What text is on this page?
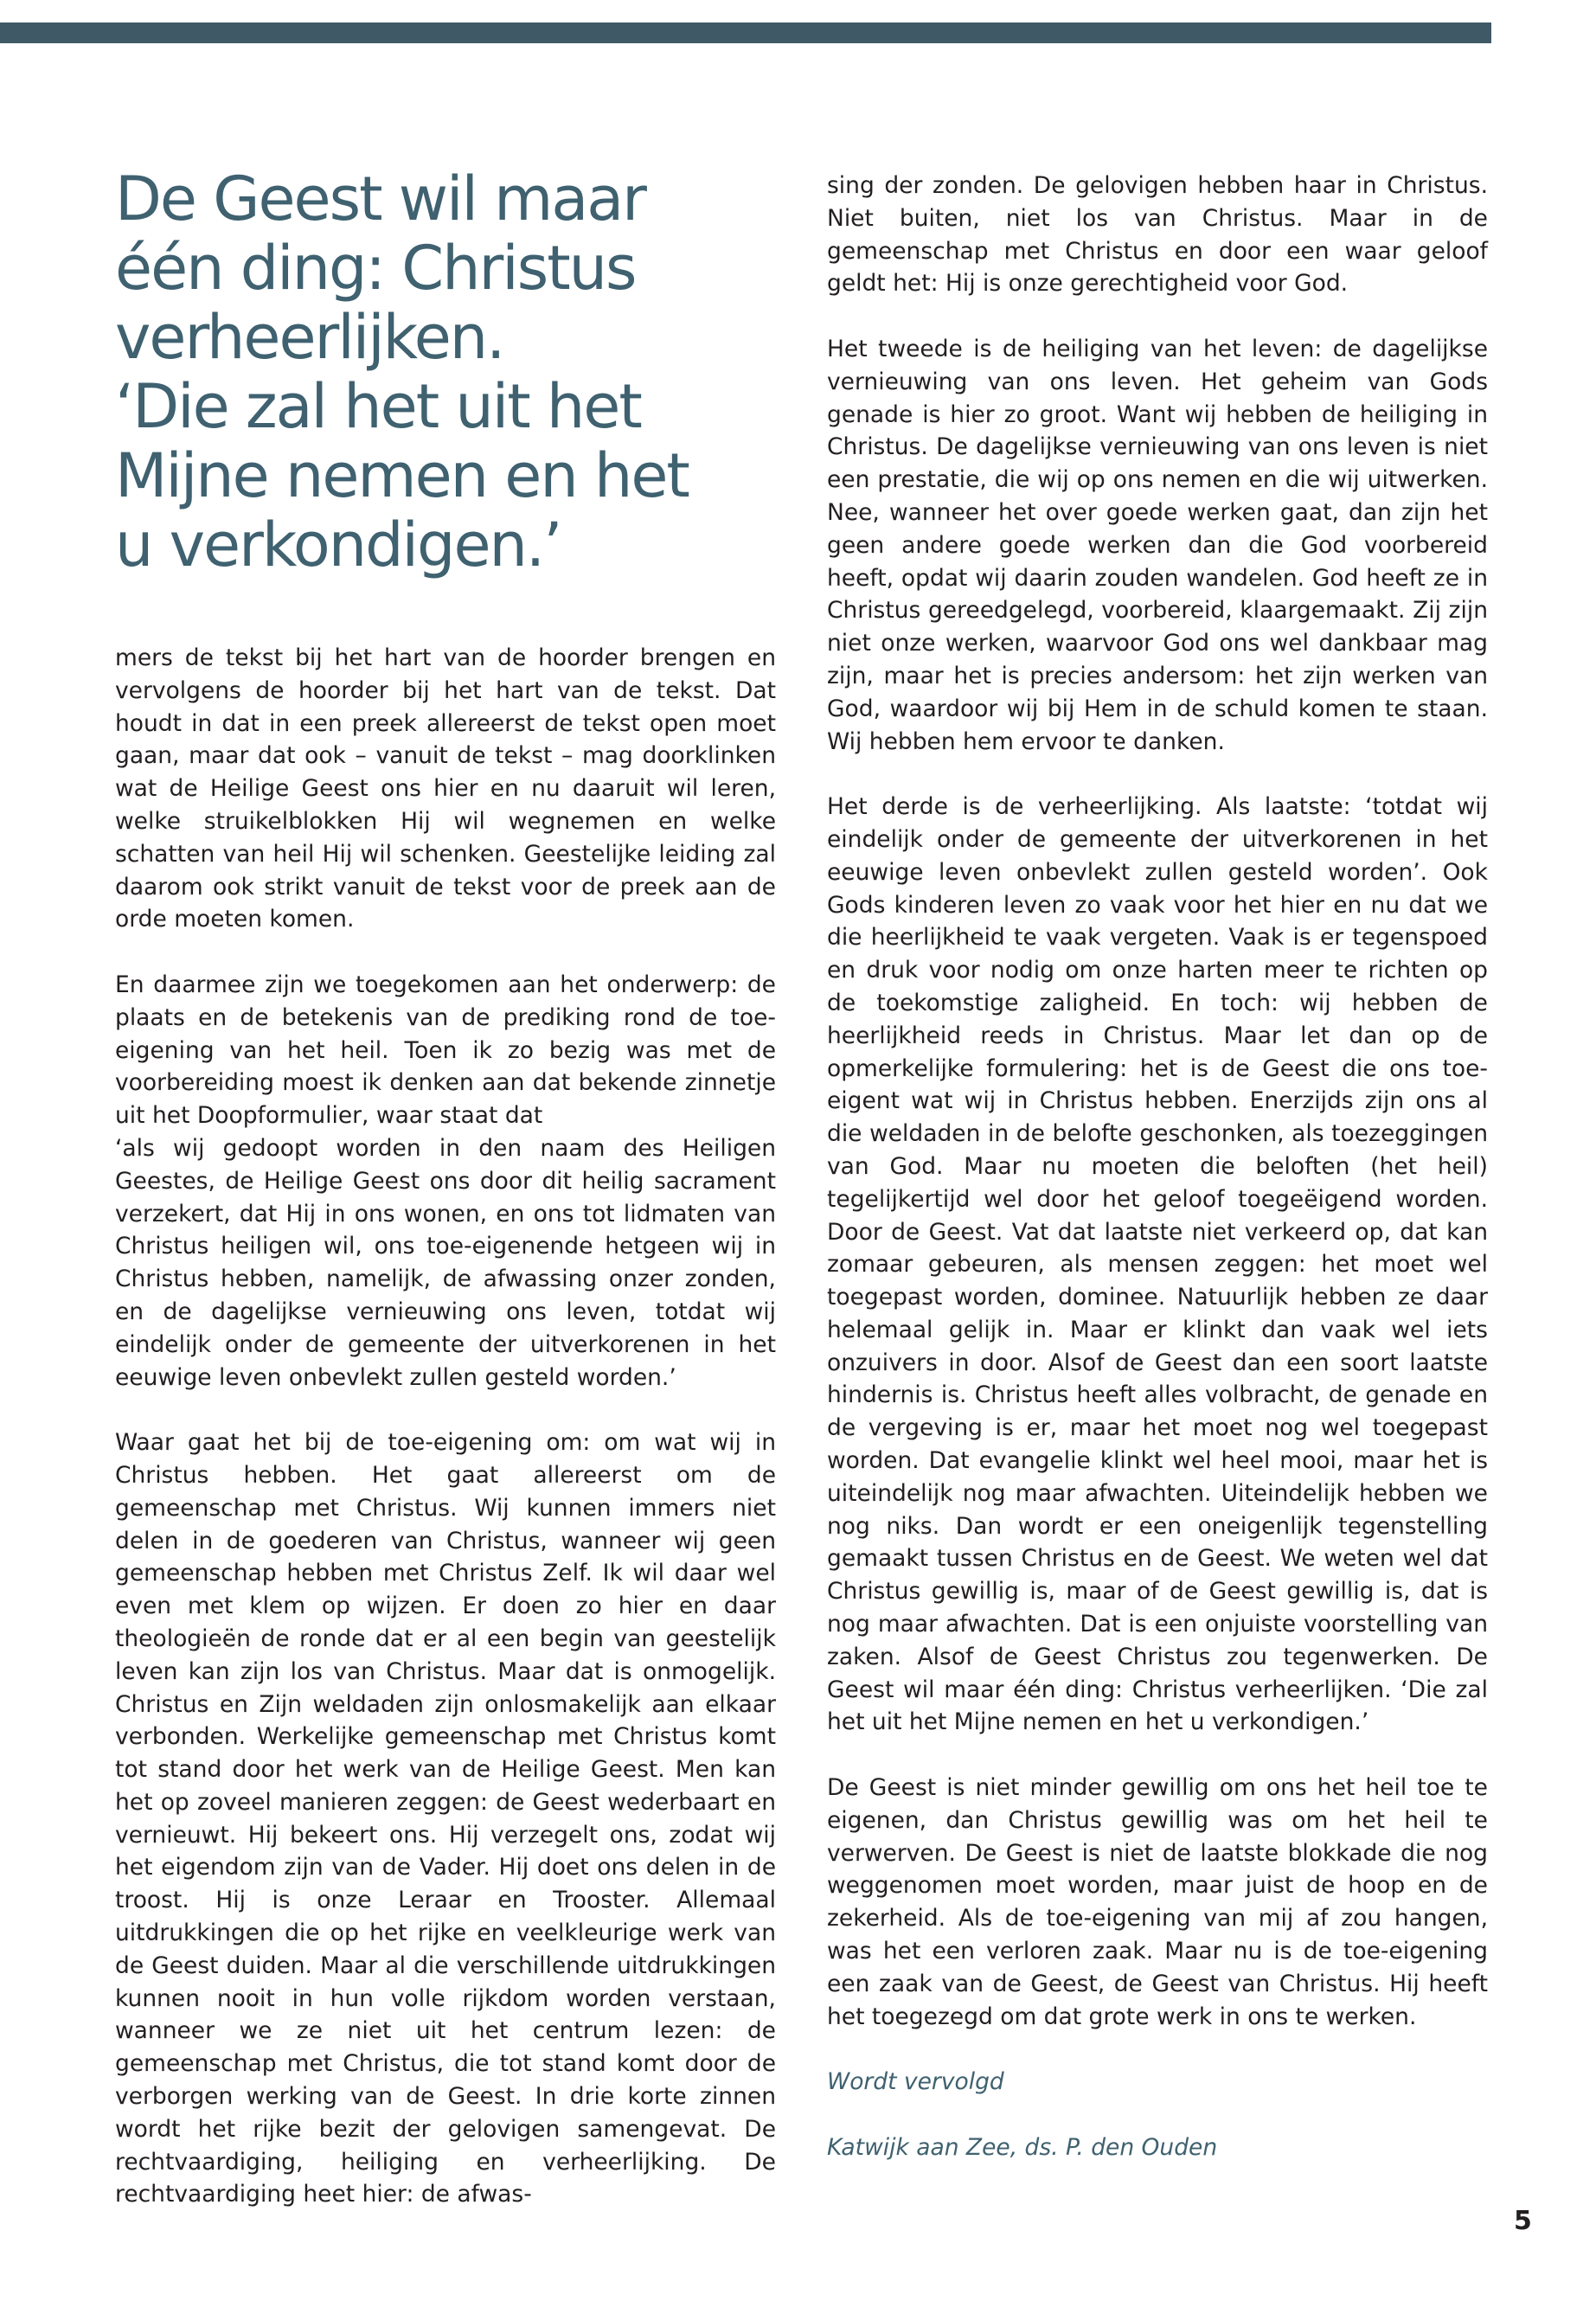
De Geest wil maar
één ding: Christus
verheerlijken.
‘Die zal het uit het
Mijne nemen en het
u verkondigen.’

mers de tekst bij het hart van de hoorder brengen en vervolgens de hoorder bij het hart van de tekst. Dat houdt in dat in een preek allereerst de tekst open moet gaan, maar dat ook – vanuit de tekst – mag doorklinken wat de Heilige Geest ons hier en nu daaruit wil leren, welke struikelblokken Hij wil wegnemen en welke schatten van heil Hij wil schenken. Geestelijke leiding zal daarom ook strikt vanuit de tekst voor de preek aan de orde moeten komen.

En daarmee zijn we toegekomen aan het onderwerp: de plaats en de betekenis van de prediking rond de toe-eigening van het heil. Toen ik zo bezig was met de voorbereiding moest ik denken aan dat bekende zinnetje uit het Doopformulier, waar staat dat

‘als wij gedoopt worden in den naam des Heiligen Geestes, de Heilige Geest ons door dit heilig sacrament verzekert, dat Hij in ons wonen, en ons tot lidmaten van Christus heiligen wil, ons toe-eigenende hetgeen wij in Christus hebben, namelijk, de afwassing onzer zonden, en de dagelijkse vernieuwing ons leven, totdat wij eindelijk onder de gemeente der uitverkorenen in het eeuwige leven onbevlekt zullen gesteld worden.’

Waar gaat het bij de toe-eigening om: om wat wij in Christus hebben. Het gaat allereerst om de gemeenschap met Christus. Wij kunnen immers niet delen in de goederen van Christus, wanneer wij geen gemeenschap hebben met Christus Zelf. Ik wil daar wel even met klem op wijzen. Er doen zo hier en daar theologieën de ronde dat er al een begin van geestelijk leven kan zijn los van Christus. Maar dat is onmogelijk. Christus en Zijn weldaden zijn onlosmakelijk aan elkaar verbonden. Werkelijke gemeenschap met Christus komt tot stand door het werk van de Heilige Geest. Men kan het op zoveel manieren zeggen: de Geest wederbaart en vernieuwt. Hij bekeert ons. Hij verzegelt ons, zodat wij het eigendom zijn van de Vader. Hij doet ons delen in de troost. Hij is onze Leraar en Trooster. Allemaal uitdrukkingen die op het rijke en veelkleurige werk van de Geest duiden. Maar al die verschillende uitdrukkingen kunnen nooit in hun volle rijkdom worden verstaan, wanneer we ze niet uit het centrum lezen: de gemeenschap met Christus, die tot stand komt door de verborgen werking van de Geest. In drie korte zinnen wordt het rijke bezit der gelovigen samengevat. De rechtvaardiging, heiliging en verheerlijking. De rechtvaardiging heet hier: de afwas-

sing der zonden. De gelovigen hebben haar in Christus. Niet buiten, niet los van Christus. Maar in de gemeenschap met Christus en door een waar geloof geldt het: Hij is onze gerechtigheid voor God.

Het tweede is de heiliging van het leven: de dagelijkse vernieuwing van ons leven. Het geheim van Gods genade is hier zo groot. Want wij hebben de heiliging in Christus. De dagelijkse vernieuwing van ons leven is niet een prestatie, die wij op ons nemen en die wij uitwerken. Nee, wanneer het over goede werken gaat, dan zijn het geen andere goede werken dan die God voorbereid heeft, opdat wij daarin zouden wandelen. God heeft ze in Christus gereedgelegd, voorbereid, klaargemaakt. Zij zijn niet onze werken, waarvoor God ons wel dankbaar mag zijn, maar het is precies andersom: het zijn werken van God, waardoor wij bij Hem in de schuld komen te staan. Wij hebben hem ervoor te danken.

Het derde is de verheerlijking. Als laatste: ‘totdat wij eindelijk onder de gemeente der uitverkorenen in het eeuwige leven onbevlekt zullen gesteld worden’. Ook Gods kinderen leven zo vaak voor het hier en nu dat we die heerlijkheid te vaak vergeten. Vaak is er tegenspoed en druk voor nodig om onze harten meer te richten op de toekomstige zaligheid. En toch: wij hebben de heerlijkheid reeds in Christus. Maar let dan op de opmerkelijke formulering: het is de Geest die ons toe-eigent wat wij in Christus hebben. Enerzijds zijn ons al die weldaden in de belofte geschonken, als toezeggingen van God. Maar nu moeten die beloften (het heil) tegelijkertijd wel door het geloof toegeëigend worden. Door de Geest. Vat dat laatste niet verkeerd op, dat kan zomaar gebeuren, als mensen zeggen: het moet wel toegepast worden, dominee. Natuurlijk hebben ze daar helemaal gelijk in. Maar er klinkt dan vaak wel iets onzuivers in door. Alsof de Geest dan een soort laatste hindernis is. Christus heeft alles volbracht, de genade en de vergeving is er, maar het moet nog wel toegepast worden. Dat evangelie klinkt wel heel mooi, maar het is uiteindelijk nog maar afwachten. Uiteindelijk hebben we nog niks. Dan wordt er een oneigenlijk tegenstelling gemaakt tussen Christus en de Geest. We weten wel dat Christus gewillig is, maar of de Geest gewillig is, dat is nog maar afwachten. Dat is een onjuiste voorstelling van zaken. Alsof de Geest Christus zou tegenwerken. De Geest wil maar één ding: Christus verheerlijken. ‘Die zal het uit het Mijne nemen en het u verkondigen.’

De Geest is niet minder gewillig om ons het heil toe te eigenen, dan Christus gewillig was om het heil te verwerven. De Geest is niet de laatste blokkade die nog weggenomen moet worden, maar juist de hoop en de zekerheid. Als de toe-eigening van mij af zou hangen, was het een verloren zaak. Maar nu is de toe-eigening een zaak van de Geest, de Geest van Christus. Hij heeft het toegezegd om dat grote werk in ons te werken.

Wordt vervolgd

Katwijk aan Zee, ds. P. den Ouden

5
